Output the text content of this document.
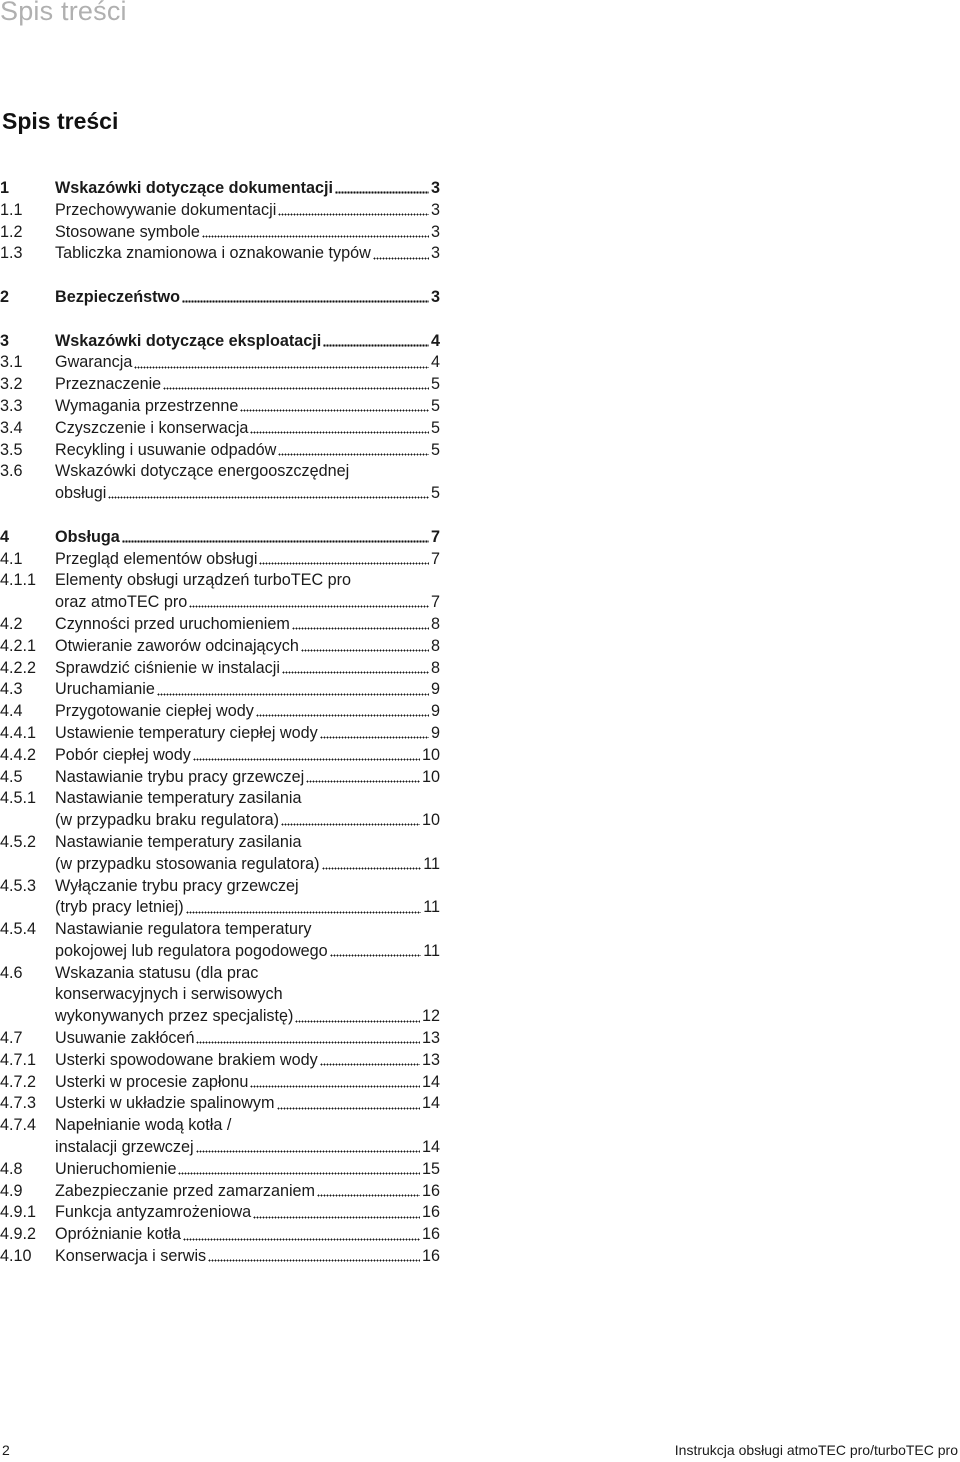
Spis treści
Spis treści
1	Wskazówki dotyczące dokumentacji	3
1.1	Przechowywanie dokumentacji	3
1.2	Stosowane symbole	3
1.3	Tabliczka znamionowa i oznakowanie typów	3
2	Bezpieczeństwo	3
3	Wskazówki dotyczące eksploatacji	4
3.1	Gwarancja	4
3.2	Przeznaczenie	5
3.3	Wymagania przestrzenne	5
3.4	Czyszczenie i konserwacja	5
3.5	Recykling i usuwanie odpadów	5
3.6	Wskazówki dotyczące energooszczędnej
obsługi	5
4	Obsługa	7
4.1	Przegląd elementów obsługi	7
4.1.1	Elementy obsługi urządzeń turboTEC pro
oraz atmoTEC pro	7
4.2	Czynności przed uruchomieniem	8
4.2.1	Otwieranie zaworów odcinających	8
4.2.2	Sprawdzić ciśnienie w instalacji	8
4.3	Uruchamianie	9
4.4	Przygotowanie ciepłej wody	9
4.4.1	Ustawienie temperatury ciepłej wody	9
4.4.2	Pobór ciepłej wody	10
4.5	Nastawianie trybu pracy grzewczej	10
4.5.1	Nastawianie temperatury zasilania
(w przypadku braku regulatora)	10
4.5.2	Nastawianie temperatury zasilania
(w przypadku stosowania regulatora)	11
4.5.3	Wyłączanie trybu pracy grzewczej
(tryb pracy letniej)	11
4.5.4	Nastawianie regulatora temperatury
pokojowej lub regulatora pogodowego	11
4.6	Wskazania statusu (dla prac
konserwacyjnych i serwisowych
wykonywanych przez specjalistę)	12
4.7	Usuwanie zakłóceń	13
4.7.1	Usterki spowodowane brakiem wody	13
4.7.2	Usterki w procesie zapłonu	14
4.7.3	Usterki w układzie spalinowym	14
4.7.4	Napełnianie wodą kotła /
instalacji grzewczej	14
4.8	Unieruchomienie	15
4.9	Zabezpieczanie przed zamarzaniem	16
4.9.1	Funkcja antyzamrożeniowa	16
4.9.2	Opróżnianie kotła	16
4.10	Konserwacja i serwis	16
2	Instrukcja obsługi atmoTEC pro/turboTEC pro
